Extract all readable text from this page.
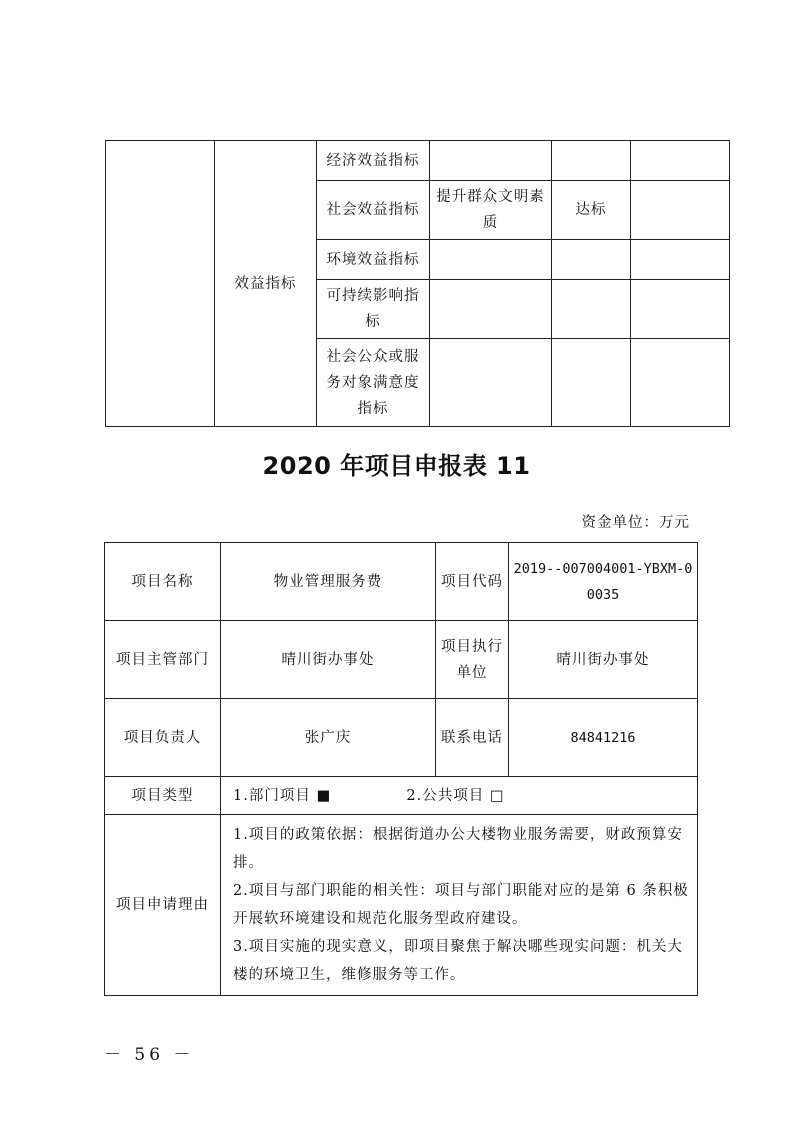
	效益指标	经济效益指标			
		社会效益指标	提升群众文明素质	达标	
		环境效益指标			
		可持续影响指标			
		社会公众或服务对象满意度指标			
2020 年项目申报表 11
资金单位：万元
项目名称	物业管理服务费	项目代码	2019--007004001-YBXM-00035
项目主管部门	晴川街办事处	项目执行单位	晴川街办事处
项目负责人	张广庆	联系电话	84841216
项目类型	1.部门项目 ■ 2.公共项目 □		
项目申请理由	1.项目的政策依据：根据街道办公大楼物业服务需要，财政预算安排。
2.项目与部门职能的相关性：项目与部门职能对应的是第 6 条积极开展软环境建设和规范化服务型政府建设。
3.项目实施的现实意义，即项目聚焦于解决哪些现实问题：机关大楼的环境卫生，维修服务等工作。		
－ 56 －
